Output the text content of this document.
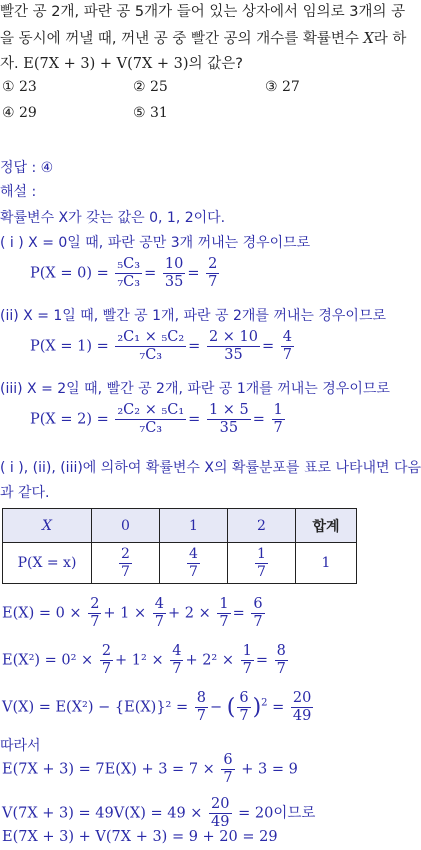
빨간 공 2개, 파란 공 5개가 들어 있는 상자에서 임의로 3개의 공
을 동시에 꺼낼 때, 꺼낸 공 중 빨간 공의 개수를 확률변수 X라 하
자. E(7X + 3) + V(7X + 3)의 값은?
① 23	② 25	③ 27
④ 29	⑤ 31
정답 : ④
해설 :
확률변수 X가 갖는 값은 0, 1, 2이다.
( i ) X = 0일 때, 파란 공만 3개 꺼내는 경우이므로
$P(X = 0) = \frac{\text{₅C₃}}{\text{₇C₃}} = \frac{10}{35} = \frac{2}{7}$
(ii) X = 1일 때, 빨간 공 1개, 파란 공 2개를 꺼내는 경우이므로
$P(X = 1) = \frac{\text{₂C₁ × ₅C₂}}{\text{₇C₃}} = \frac{2 \times 10}{35} = \frac{4}{7}$
(iii) X = 2일 때, 빨간 공 2개, 파란 공 1개를 꺼내는 경우이므로
$P(X = 2) = \frac{\text{₂C₂ × ₅C₁}}{\text{₇C₃}} = \frac{1 \times 5}{35} = \frac{1}{7}$
( i ), (ii), (iii)에 의하여 확률변수 X의 확률분포를 표로 나타내면 다음
과 같다.
X	0	1	2	합계
P(X = x)	$\frac{2}{7}$	$\frac{4}{7}$	$\frac{1}{7}$	1
$E(X) = 0 \times \frac{2}{7} + 1 \times \frac{4}{7} + 2 \times \frac{1}{7} = \frac{6}{7}$
$E(X^2) = 0^2 \times \frac{2}{7} + 1^2 \times \frac{4}{7} + 2^2 \times \frac{1}{7} = \frac{8}{7}$
$V(X) = E(X^2) - \{E(X)\}^2 = \frac{8}{7}$ − ( $\frac{6}{7} )^2 = \frac{20}{49}$
따라서
$E(7X + 3) = 7E(X) + 3 = 7 \times \frac{6}{7} + 3 = 9$
$V(7X + 3) = 49V(X) = 49 \times \frac{20}{49} = 20$이므로
E(7X + 3) + V(7X + 3) = 9 + 20 = 29
